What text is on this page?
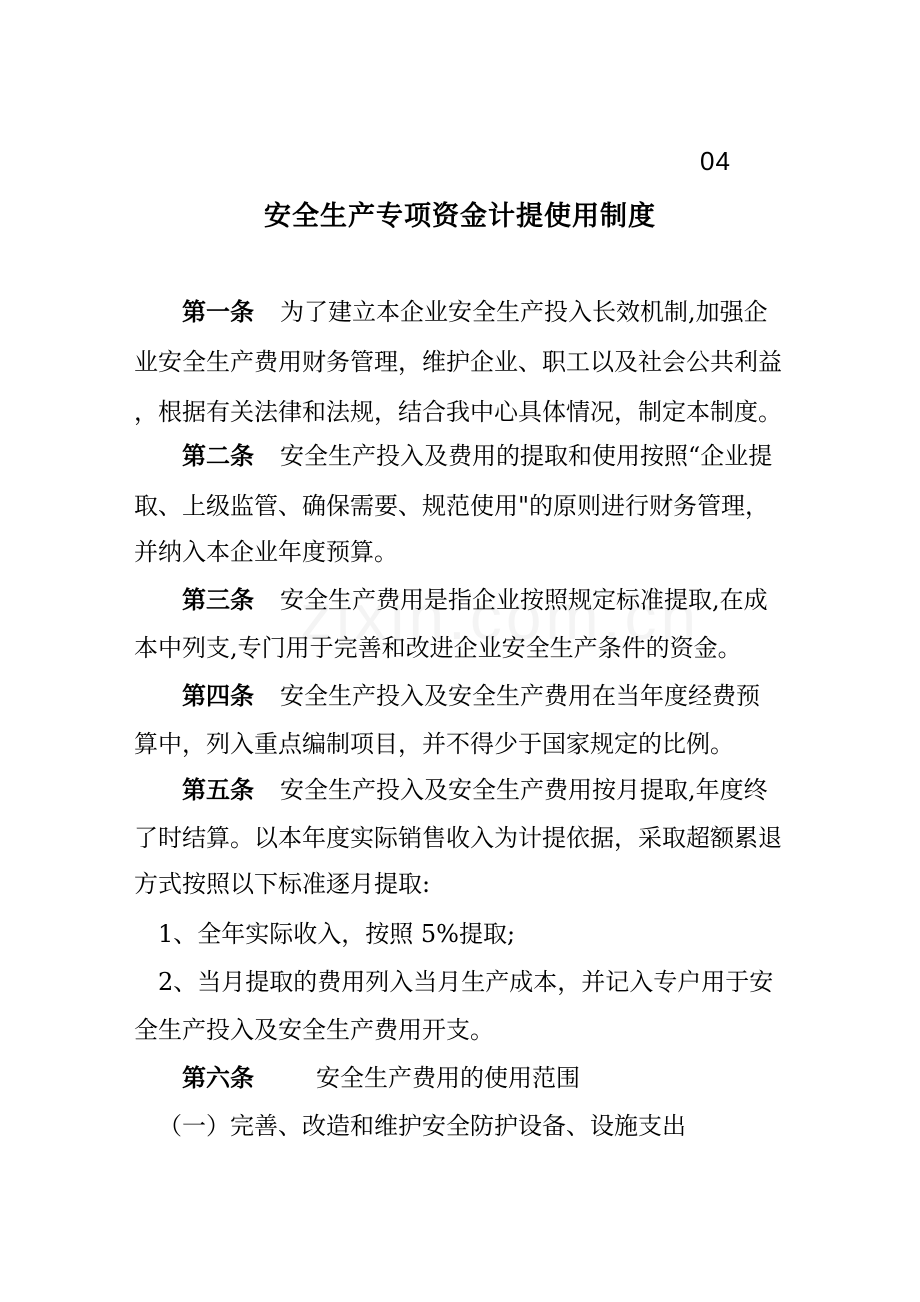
04
安全生产专项资金计提使用制度
第一条 为了建立本企业安全生产投入长效机制,加强企
业安全生产费用财务管理，维护企业、职工以及社会公共利益
，根据有关法律和法规，结合我中心具体情况，制定本制度。
第二条 安全生产投入及费用的提取和使用按照“企业提
取、上级监管、确保需要、规范使用"的原则进行财务管理，
并纳入本企业年度预算。
第三条 安全生产费用是指企业按照规定标准提取,在成
本中列支,专门用于完善和改进企业安全生产条件的资金。
第四条 安全生产投入及安全生产费用在当年度经费预
算中，列入重点编制项目，并不得少于国家规定的比例。
第五条 安全生产投入及安全生产费用按月提取,年度终
了时结算。以本年度实际销售收入为计提依据，采取超额累退
方式按照以下标准逐月提取:
1、全年实际收入，按照 5%提取;
2、当月提取的费用列入当月生产成本，并记入专户用于安
全生产投入及安全生产费用开支。
第六条	安全生产费用的使用范围
（一）完善、改造和维护安全防护设备、设施支出
